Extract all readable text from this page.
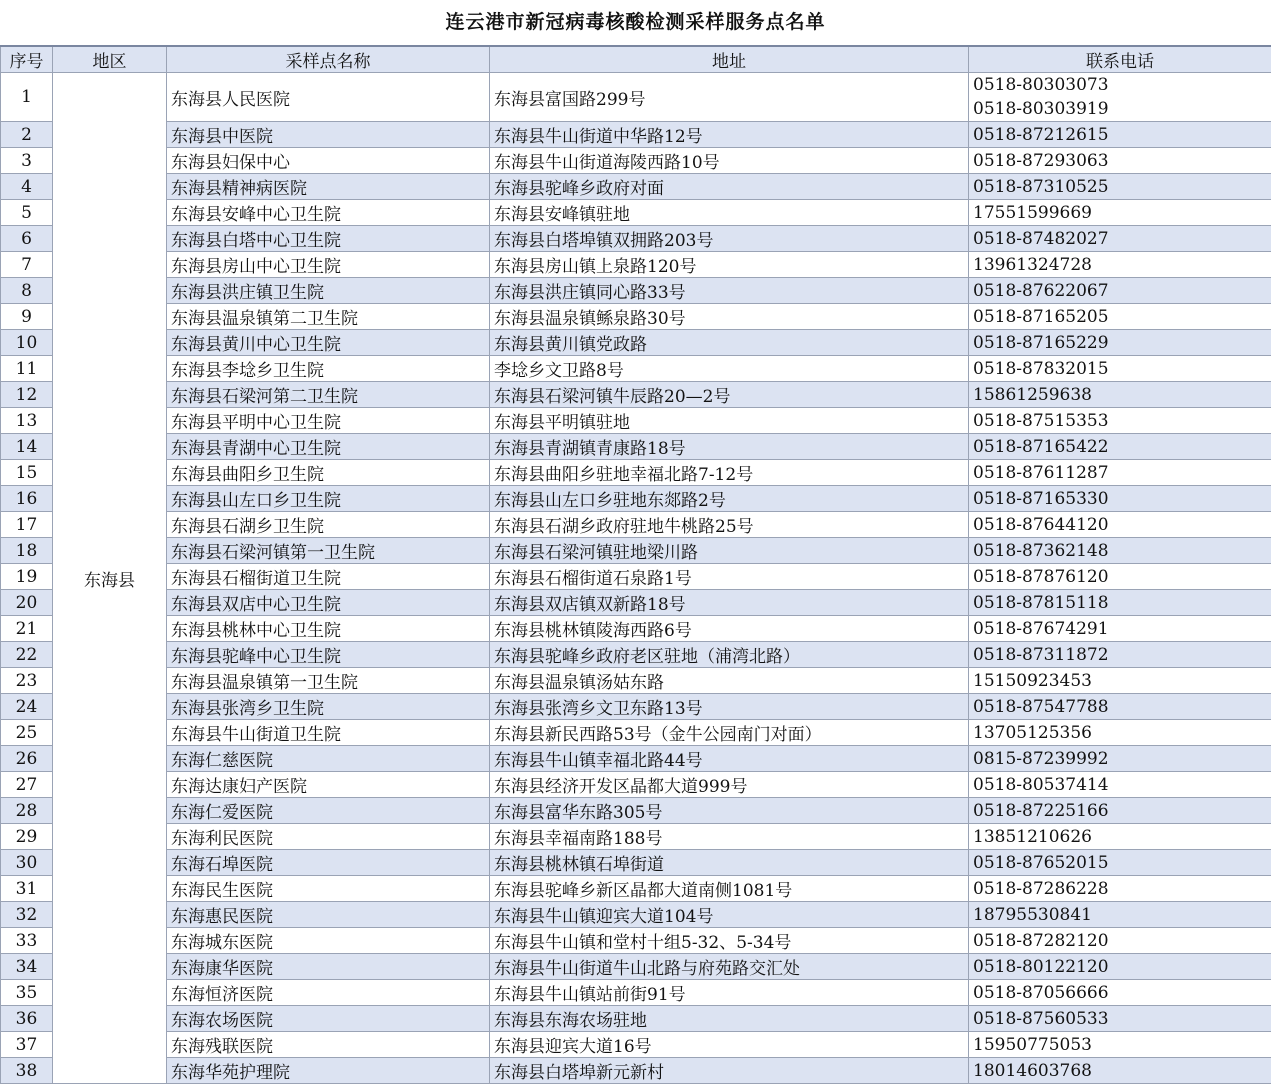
连云港市新冠病毒核酸检测采样服务点名单
序号	地区	采样点名称	地址	联系电话
1	东海县	东海县人民医院	东海县富国路299号	0518-80303073
0518-80303919

2		东海县中医院	东海县牛山街道中华路12号	0518-87212615

3		东海县妇保中心	东海县牛山街道海陵西路10号	0518-87293063

4		东海县精神病医院	东海县驼峰乡政府对面	0518-87310525

5		东海县安峰中心卫生院	东海县安峰镇驻地	17551599669

6		东海县白塔中心卫生院	东海县白塔埠镇双拥路203号	0518-87482027

7		东海县房山中心卫生院	东海县房山镇上泉路120号	13961324728

8		东海县洪庄镇卫生院	东海县洪庄镇同心路33号	0518-87622067

9		东海县温泉镇第二卫生院	东海县温泉镇鲧泉路30号	0518-87165205

10		东海县黄川中心卫生院	东海县黄川镇党政路	0518-87165229

11		东海县李埝乡卫生院	李埝乡文卫路8号	0518-87832015

12		东海县石梁河第二卫生院	东海县石梁河镇牛辰路20—2号	15861259638

13		东海县平明中心卫生院	东海县平明镇驻地	0518-87515353

14		东海县青湖中心卫生院	东海县青湖镇青康路18号	0518-87165422

15		东海县曲阳乡卫生院	东海县曲阳乡驻地幸福北路7-12号	0518-87611287

16		东海县山左口乡卫生院	东海县山左口乡驻地东郯路2号	0518-87165330

17		东海县石湖乡卫生院	东海县石湖乡政府驻地牛桃路25号	0518-87644120

18		东海县石梁河镇第一卫生院	东海县石梁河镇驻地梁川路	0518-87362148

19		东海县石榴街道卫生院	东海县石榴街道石泉路1号	0518-87876120

20		东海县双店中心卫生院	东海县双店镇双新路18号	0518-87815118

21		东海县桃林中心卫生院	东海县桃林镇陵海西路6号	0518-87674291

22		东海县驼峰中心卫生院	东海县驼峰乡政府老区驻地（浦湾北路）	0518-87311872

23		东海县温泉镇第一卫生院	东海县温泉镇汤姑东路	15150923453

24		东海县张湾乡卫生院	东海县张湾乡文卫东路13号	0518-87547788

25		东海县牛山街道卫生院	东海县新民西路53号（金牛公园南门对面）	13705125356

26		东海仁慈医院	东海县牛山镇幸福北路44号	0815-87239992

27		东海达康妇产医院	东海县经济开发区晶都大道999号	0518-80537414

28		东海仁爱医院	东海县富华东路305号	0518-87225166

29		东海利民医院	东海县幸福南路188号	13851210626

30		东海石埠医院	东海县桃林镇石埠街道	0518-87652015

31		东海民生医院	东海县驼峰乡新区晶都大道南侧1081号	0518-87286228

32		东海惠民医院	东海县牛山镇迎宾大道104号	18795530841

33		东海城东医院	东海县牛山镇和堂村十组5-32、5-34号	0518-87282120

34		东海康华医院	东海县牛山街道牛山北路与府苑路交汇处	0518-80122120

35		东海恒济医院	东海县牛山镇站前街91号	0518-87056666

36		东海农场医院	东海县东海农场驻地	0518-87560533

37		东海残联医院	东海县迎宾大道16号	15950775053

38		东海华苑护理院	东海县白塔埠新元新村	18014603768
